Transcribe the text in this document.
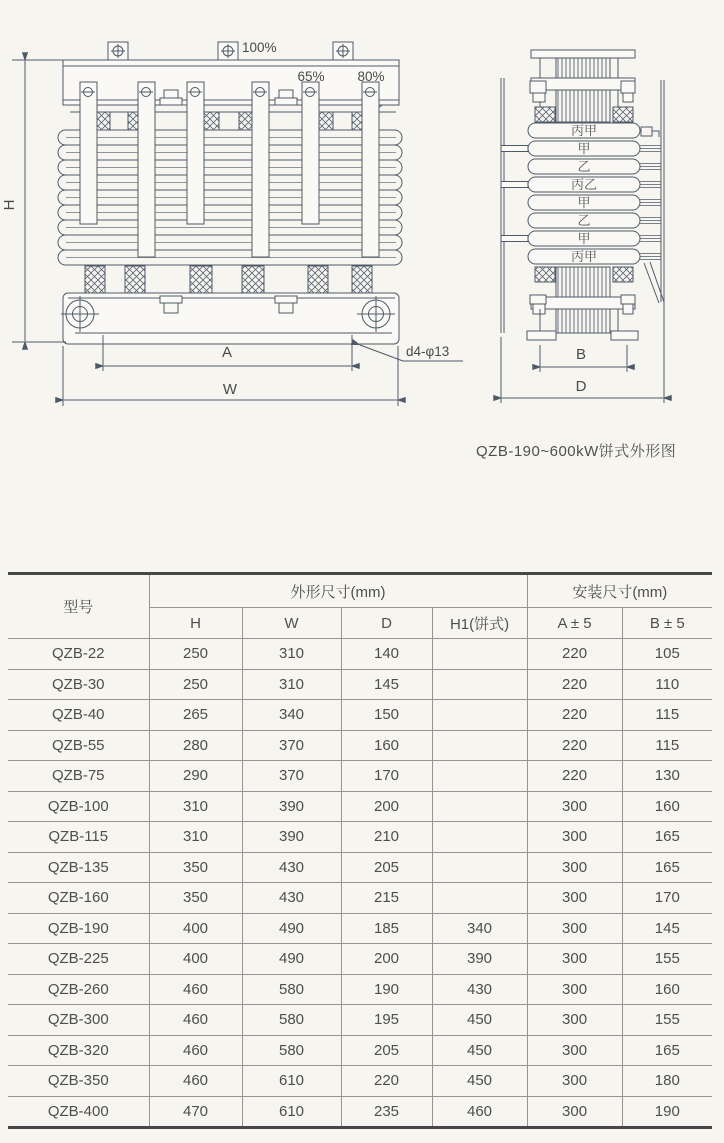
100%
65% 80%
H
A
W
d4-φ13
丙甲
甲
乙
丙乙
甲
乙
甲
丙甲
B
D
QZB-190~600kW饼式外形图
型号	外形尺寸(mm)				安装尺寸(mm)	
	H	W	D	H1(饼式)	A ± 5	B ± 5
QZB-22	250	310	140		220	105
QZB-30	250	310	145		220	110
QZB-40	265	340	150		220	115
QZB-55	280	370	160		220	115
QZB-75	290	370	170		220	130
QZB-100	310	390	200		300	160
QZB-115	310	390	210		300	165
QZB-135	350	430	205		300	165
QZB-160	350	430	215		300	170
QZB-190	400	490	185	340	300	145
QZB-225	400	490	200	390	300	155
QZB-260	460	580	190	430	300	160
QZB-300	460	580	195	450	300	155
QZB-320	460	580	205	450	300	165
QZB-350	460	610	220	450	300	180
QZB-400	470	610	235	460	300	190
